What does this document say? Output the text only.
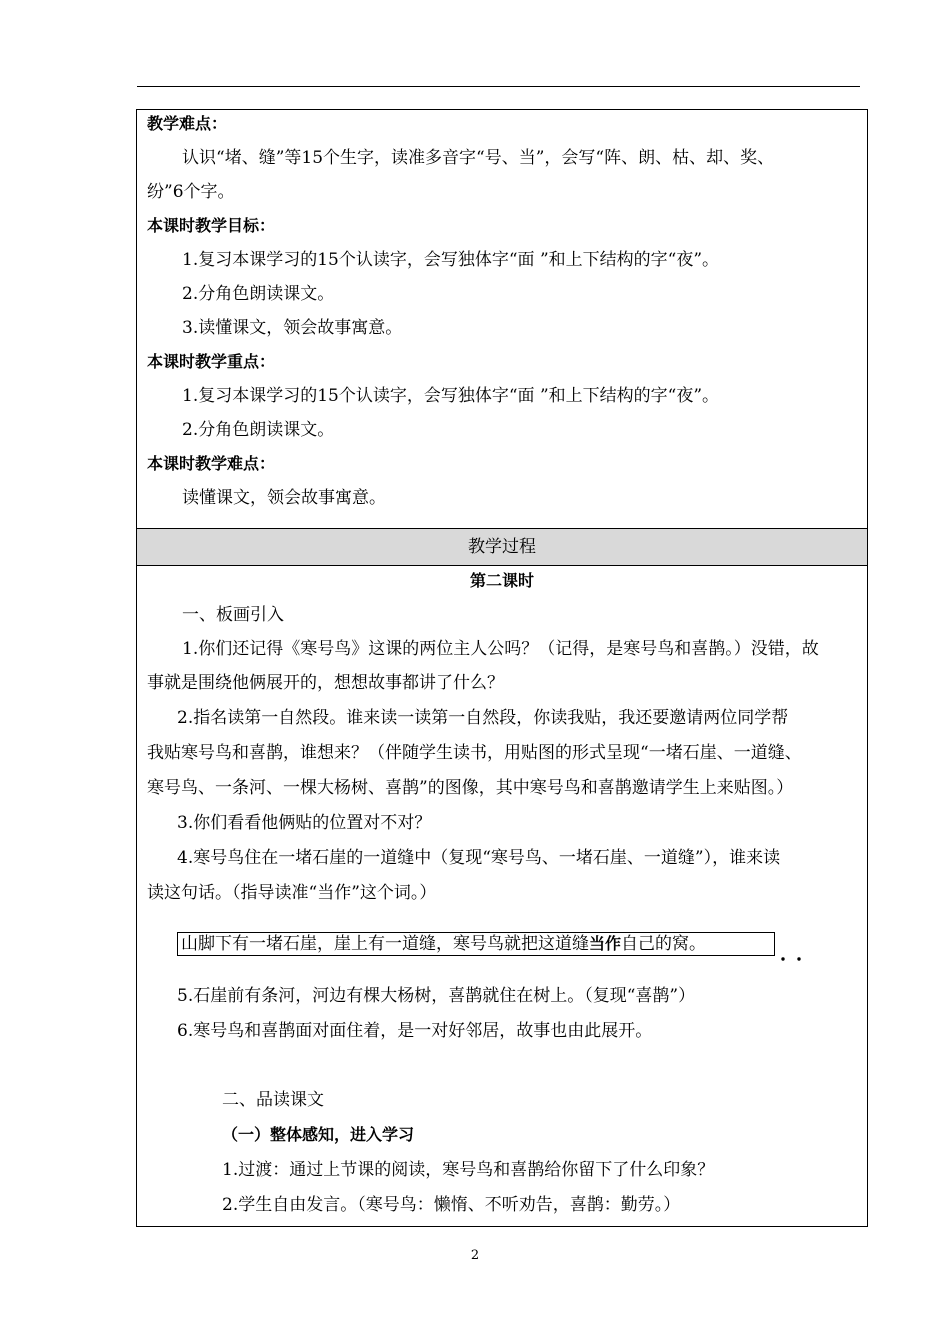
教学难点：
认识“堵、缝”等15个生字，读准多音字“号、当”，会写“阵、朗、枯、却、奖、
纷”6个字。
本课时教学目标：
1.复习本课学习的15个认读字，会写独体字“面 ”和上下结构的字“夜”。
2.分角色朗读课文。
3.读懂课文，领会故事寓意。
本课时教学重点：
1.复习本课学习的15个认读字，会写独体字“面 ”和上下结构的字“夜”。
2.分角色朗读课文。
本课时教学难点：
读懂课文，领会故事寓意。
教学过程
第二课时
一、板画引入
1.你们还记得《寒号鸟》这课的两位主人公吗？（记得，是寒号鸟和喜鹊。）没错，故
事就是围绕他俩展开的，想想故事都讲了什么？
2.指名读第一自然段。谁来读一读第一自然段，你读我贴，我还要邀请两位同学帮
我贴寒号鸟和喜鹊，谁想来？（伴随学生读书，用贴图的形式呈现“一堵石崖、一道缝、
寒号鸟、一条河、一棵大杨树、喜鹊”的图像，其中寒号鸟和喜鹊邀请学生上来贴图。）
3.你们看看他俩贴的位置对不对？
4.寒号鸟住在一堵石崖的一道缝中（复现“寒号鸟、一堵石崖、一道缝”），谁来读
读这句话。（指导读准“当作”这个词。）
山脚下有一堵石崖，崖上有一道缝，寒号鸟就把这道缝当作自己的窝。
5.石崖前有条河，河边有棵大杨树，喜鹊就住在树上。（复现“喜鹊”）
6.寒号鸟和喜鹊面对面住着，是一对好邻居，故事也由此展开。
二、品读课文
（一）整体感知，进入学习
1.过渡：通过上节课的阅读，寒号鸟和喜鹊给你留下了什么印象？
2.学生自由发言。（寒号鸟：懒惰、不听劝告，喜鹊：勤劳。）
2
